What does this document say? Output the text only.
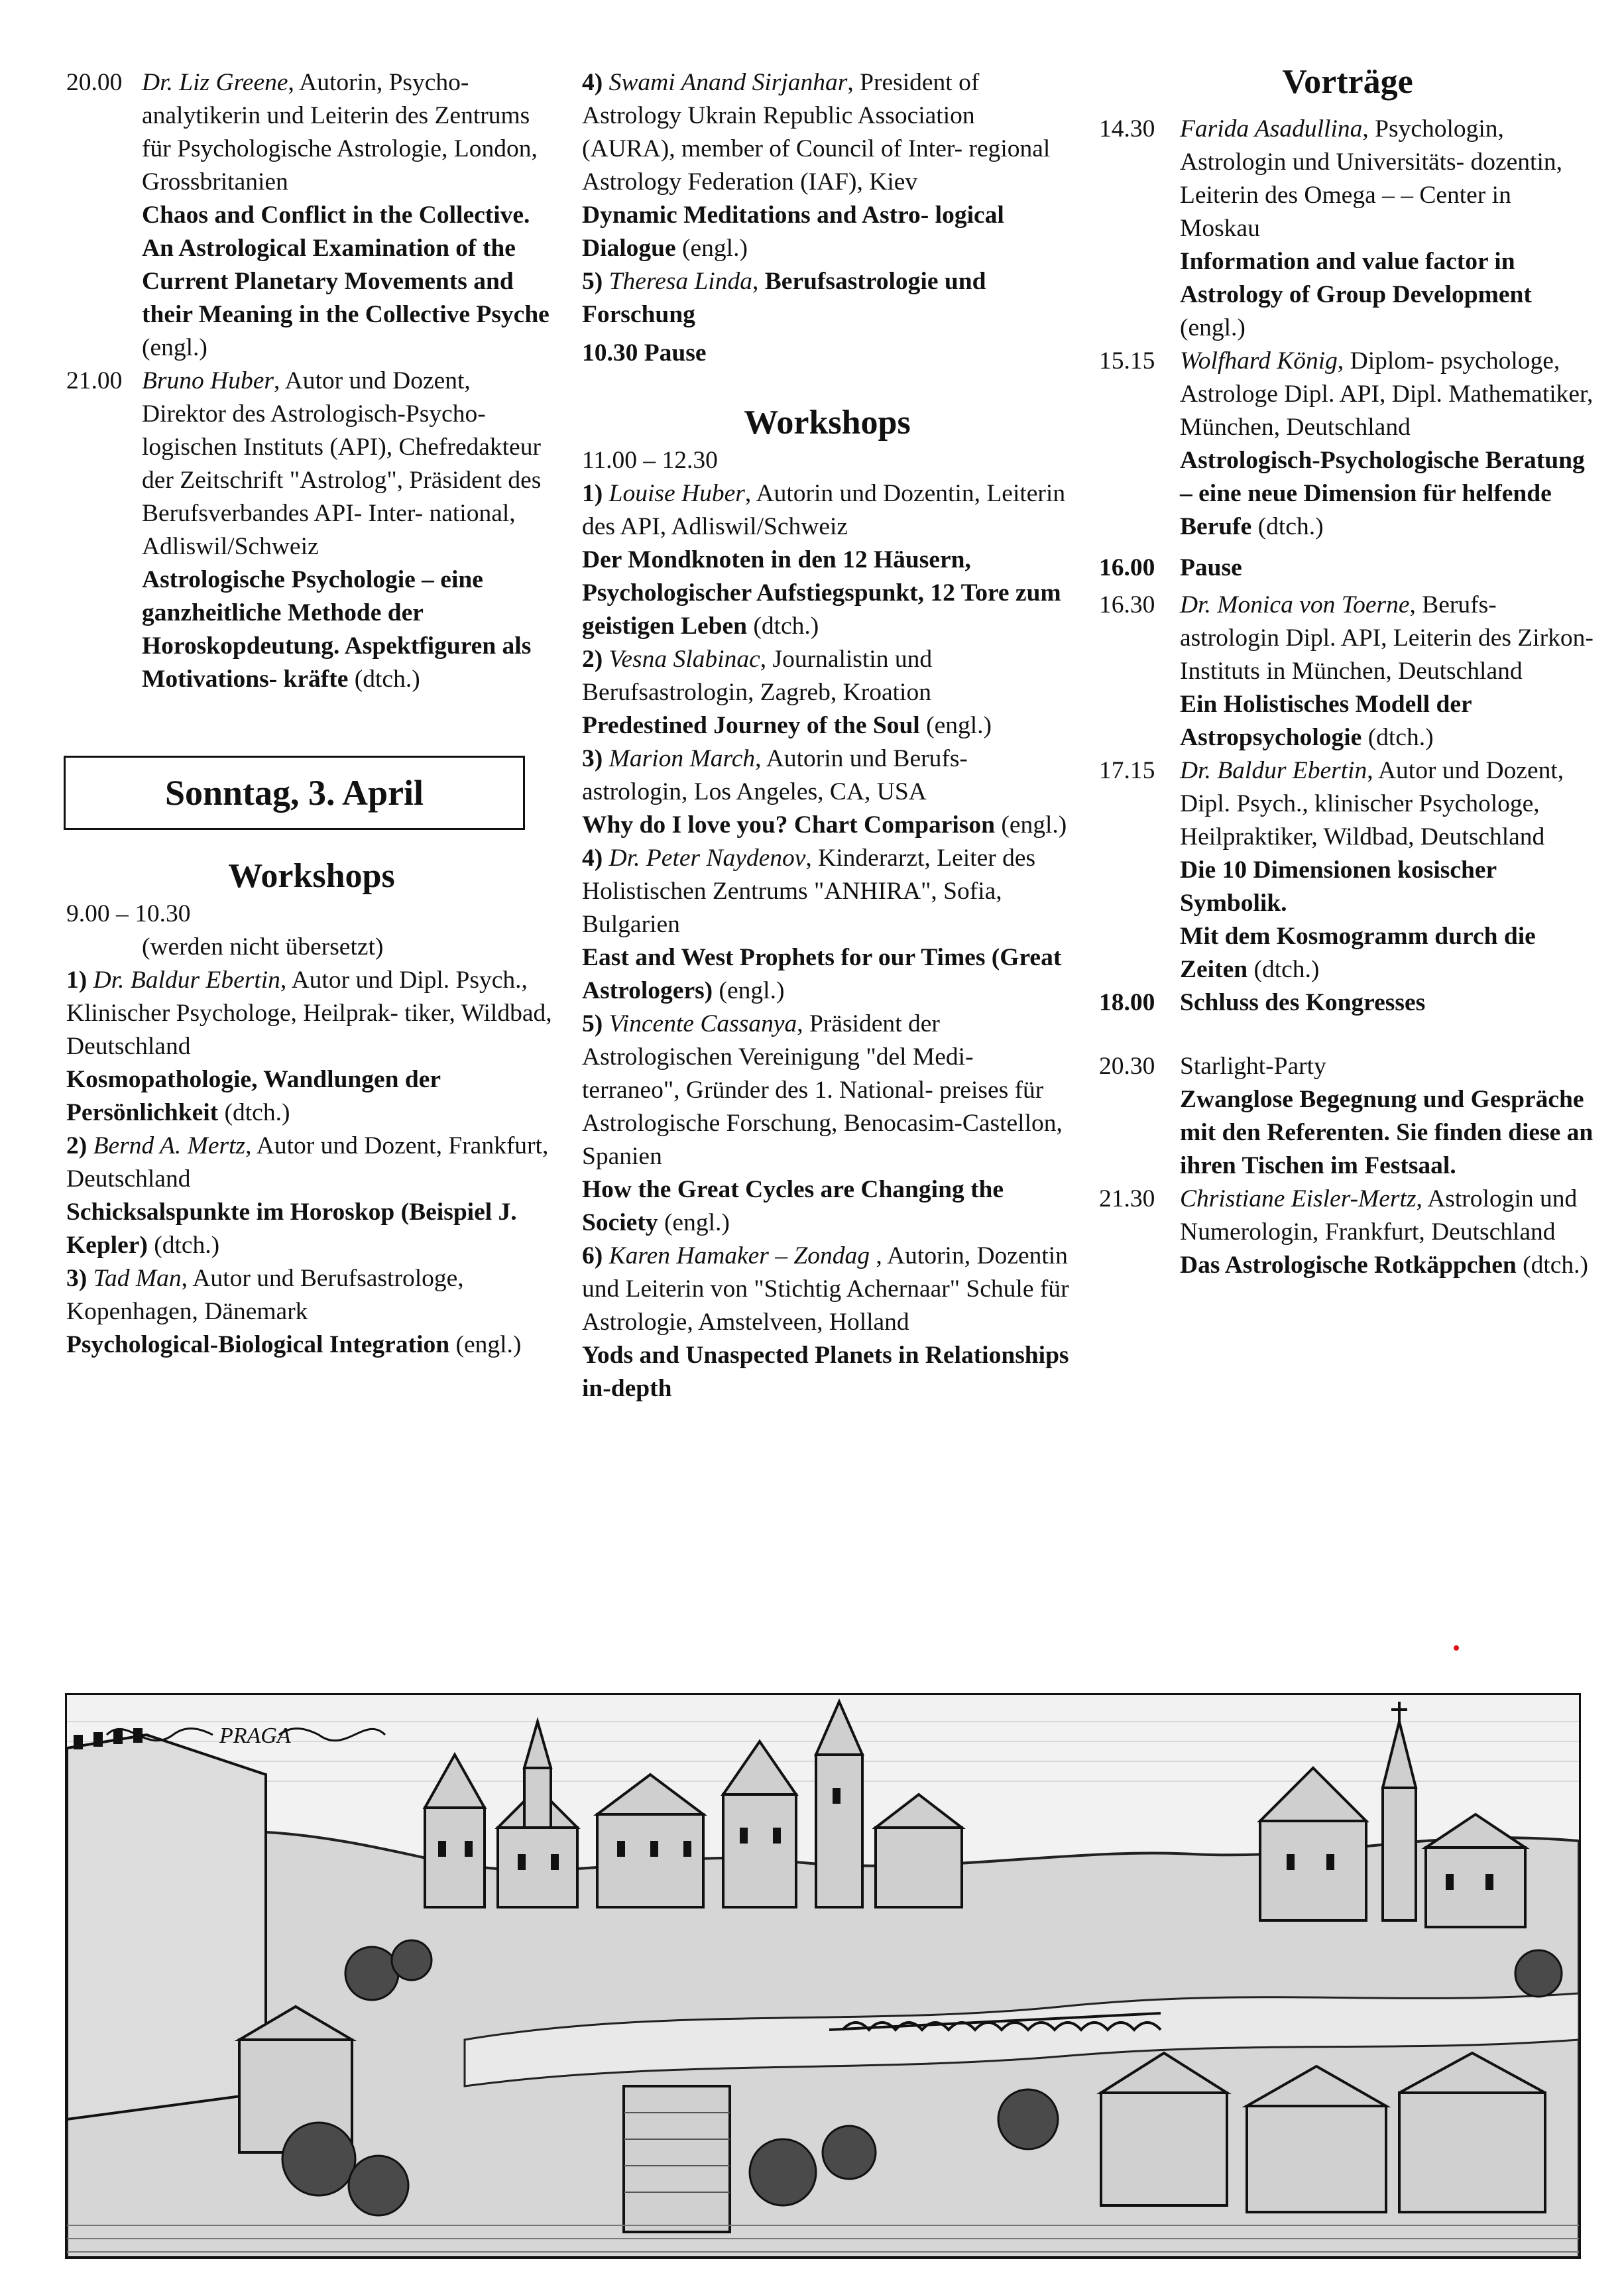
20.00 Dr. Liz Greene, Autorin, Psycho- analytikerin und Leiterin des Zentrums für Psychologische Astrologie, London, Grossbritanien
Chaos and Conflict in the Collective. An Astrological Examination of the Current Planetary Movements and their Meaning in the Collective Psyche (engl.)
21.00 Bruno Huber, Autor und Dozent, Direktor des Astrologisch-Psycho- logischen Instituts (API), Chefredakteur der Zeitschrift "Astrolog", Präsident des Berufsverbandes API- Inter- national, Adliswil/Schweiz
Astrologische Psychologie – eine ganzheitliche Methode der Horoskopdeutung. Aspektfiguren als Motivations- kräfte (dtch.)
Sonntag, 3. April
Workshops
9.00 – 10.30
(werden nicht übersetzt)
1) Dr. Baldur Ebertin, Autor und Dipl. Psych., Klinischer Psychologe, Heilprak- tiker, Wildbad, Deutschland
Kosmopathologie, Wandlungen der Persönlichkeit (dtch.)
2) Bernd A. Mertz, Autor und Dozent, Frankfurt, Deutschland
Schicksalspunkte im Horoskop (Beispiel J. Kepler) (dtch.)
3) Tad Man, Autor und Berufsastrologe, Kopenhagen, Dänemark
Psychological-Biological Integration (engl.)
4) Swami Anand Sirjanhar, President of Astrology Ukrain Republic Association (AURA), member of Council of Inter- regional Astrology Federation (IAF), Kiev
Dynamic Meditations and Astro- logical Dialogue (engl.)
5) Theresa Linda, Berufsastrologie und Forschung
10.30 Pause
Workshops
11.00 – 12.30
1) Louise Huber, Autorin und Dozentin, Leiterin des API, Adliswil/Schweiz
Der Mondknoten in den 12 Häusern, Psychologischer Aufstiegspunkt, 12 Tore zum geistigen Leben (dtch.)
2) Vesna Slabinac, Journalistin und Berufsastrologin, Zagreb, Kroation
Predestined Journey of the Soul (engl.)
3) Marion March, Autorin und Berufs- astrologin, Los Angeles, CA, USA
Why do I love you? Chart Comparison (engl.)
4) Dr. Peter Naydenov, Kinderarzt, Leiter des Holistischen Zentrums "ANHIRA", Sofia, Bulgarien
East and West Prophets for our Times (Great Astrologers) (engl.)
5) Vincente Cassanya, Präsident der Astrologischen Vereinigung "del Medi- terraneo", Gründer des 1. National- preises für Astrologische Forschung, Benocasim-Castellon, Spanien
How the Great Cycles are Changing the Society (engl.)
6) Karen Hamaker – Zondag , Autorin, Dozentin und Leiterin von "Stichtig Achernaar" Schule für Astrologie, Amstelveen, Holland
Yods and Unaspected Planets in Relationships in-depth
Vorträge
14.30	Farida Asadullina, Psychologin, Astrologin und Universitäts- dozentin, Leiterin des Omega – – Center in Moskau
Information and value factor in Astrology of Group Development (engl.)
15.15	Wolfhard König, Diplom- psychologe, Astrologe Dipl. API, Dipl. Mathematiker, München, Deutschland
Astrologisch-Psychologische Beratung – eine neue Dimension für helfende Berufe (dtch.)
16.00	Pause
16.30	Dr. Monica von Toerne, Berufs- astrologin Dipl. API, Leiterin des Zirkon-Instituts in München, Deutschland
Ein Holistisches Modell der Astropsychologie (dtch.)
17.15	Dr. Baldur Ebertin, Autor und Dozent, Dipl. Psych., klinischer Psychologe, Heilpraktiker, Wildbad, Deutschland
Die 10 Dimensionen kosischer Symbolik.
Mit dem Kosmogramm durch die Zeiten (dtch.)
18.00	Schluss des Kongresses
20.30	Starlight-Party
Zwanglose Begegnung und Gespräche mit den Referenten. Sie finden diese an ihren Tischen im Festsaal.
21.30	Christiane Eisler-Mertz, Astrologin und Numerologin, Frankfurt, Deutschland
Das Astrologische Rotkäppchen (dtch.)
PRAGA
